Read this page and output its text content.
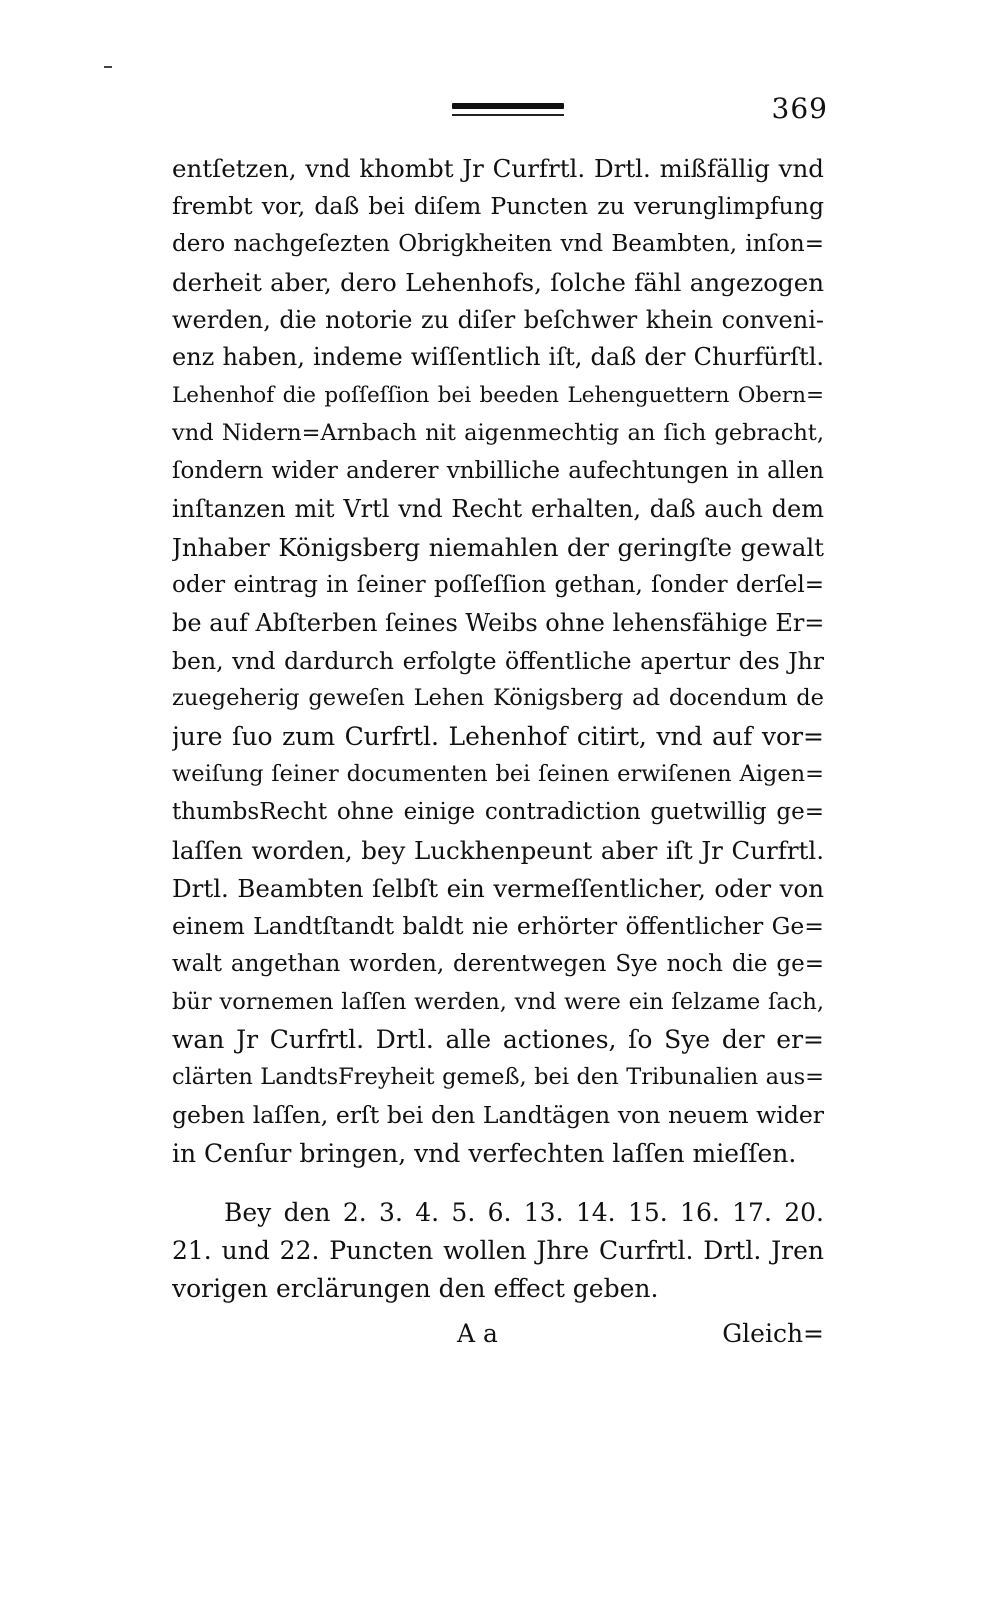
369
entſetzen, vnd khombt Jr Curfrtl. Drtl. mißfällig vnd
frembt vor, daß bei diſem Puncten zu verunglimpfung
dero nachgeſezten Obrigkheiten vnd Beambten, inſon=
derheit aber, dero Lehenhofs, ſolche fähl angezogen
werden, die notorie zu diſer beſchwer khein conveni-
enz haben, indeme wiſſentlich iſt, daß der Churfürſtl.
Lehenhof die poſſeſſion bei beeden Lehenguettern Obern=
vnd Nidern=Arnbach nit aigenmechtig an ſich gebracht,
ſondern wider anderer vnbilliche aufechtungen in allen
inſtanzen mit Vrtl vnd Recht erhalten, daß auch dem
Jnhaber Königsberg niemahlen der geringſte gewalt
oder eintrag in ſeiner poſſeſſion gethan, ſonder derſel=
be auf Abſterben ſeines Weibs ohne lehensfähige Er=
ben, vnd dardurch erfolgte öffentliche apertur des Jhr
zuegeherig geweſen Lehen Königsberg ad docendum de
jure ſuo zum Curfrtl. Lehenhof citirt, vnd auf vor=
weiſung ſeiner documenten bei ſeinen erwiſenen Aigen=
thumbsRecht ohne einige contradiction guetwillig ge=
laſſen worden, bey Luckhenpeunt aber iſt Jr Curfrtl.
Drtl. Beambten ſelbſt ein vermeſſentlicher, oder von
einem Landtſtandt baldt nie erhörter öffentlicher Ge=
walt angethan worden, derentwegen Sye noch die ge=
bür vornemen laſſen werden, vnd were ein ſelzame ſach,
wan Jr Curfrtl. Drtl. alle actiones, ſo Sye der er=
clärten LandtsFreyheit gemeß, bei den Tribunalien aus=
geben laſſen, erſt bei den Landtägen von neuem wider
in Cenſur bringen, vnd verfechten laſſen mieſſen.
Bey den 2. 3. 4. 5. 6. 13. 14. 15. 16. 17. 20.
21. und 22. Puncten wollen Jhre Curfrtl. Drtl. Jren
vorigen erclärungen den effect geben.
A a	Gleich=
